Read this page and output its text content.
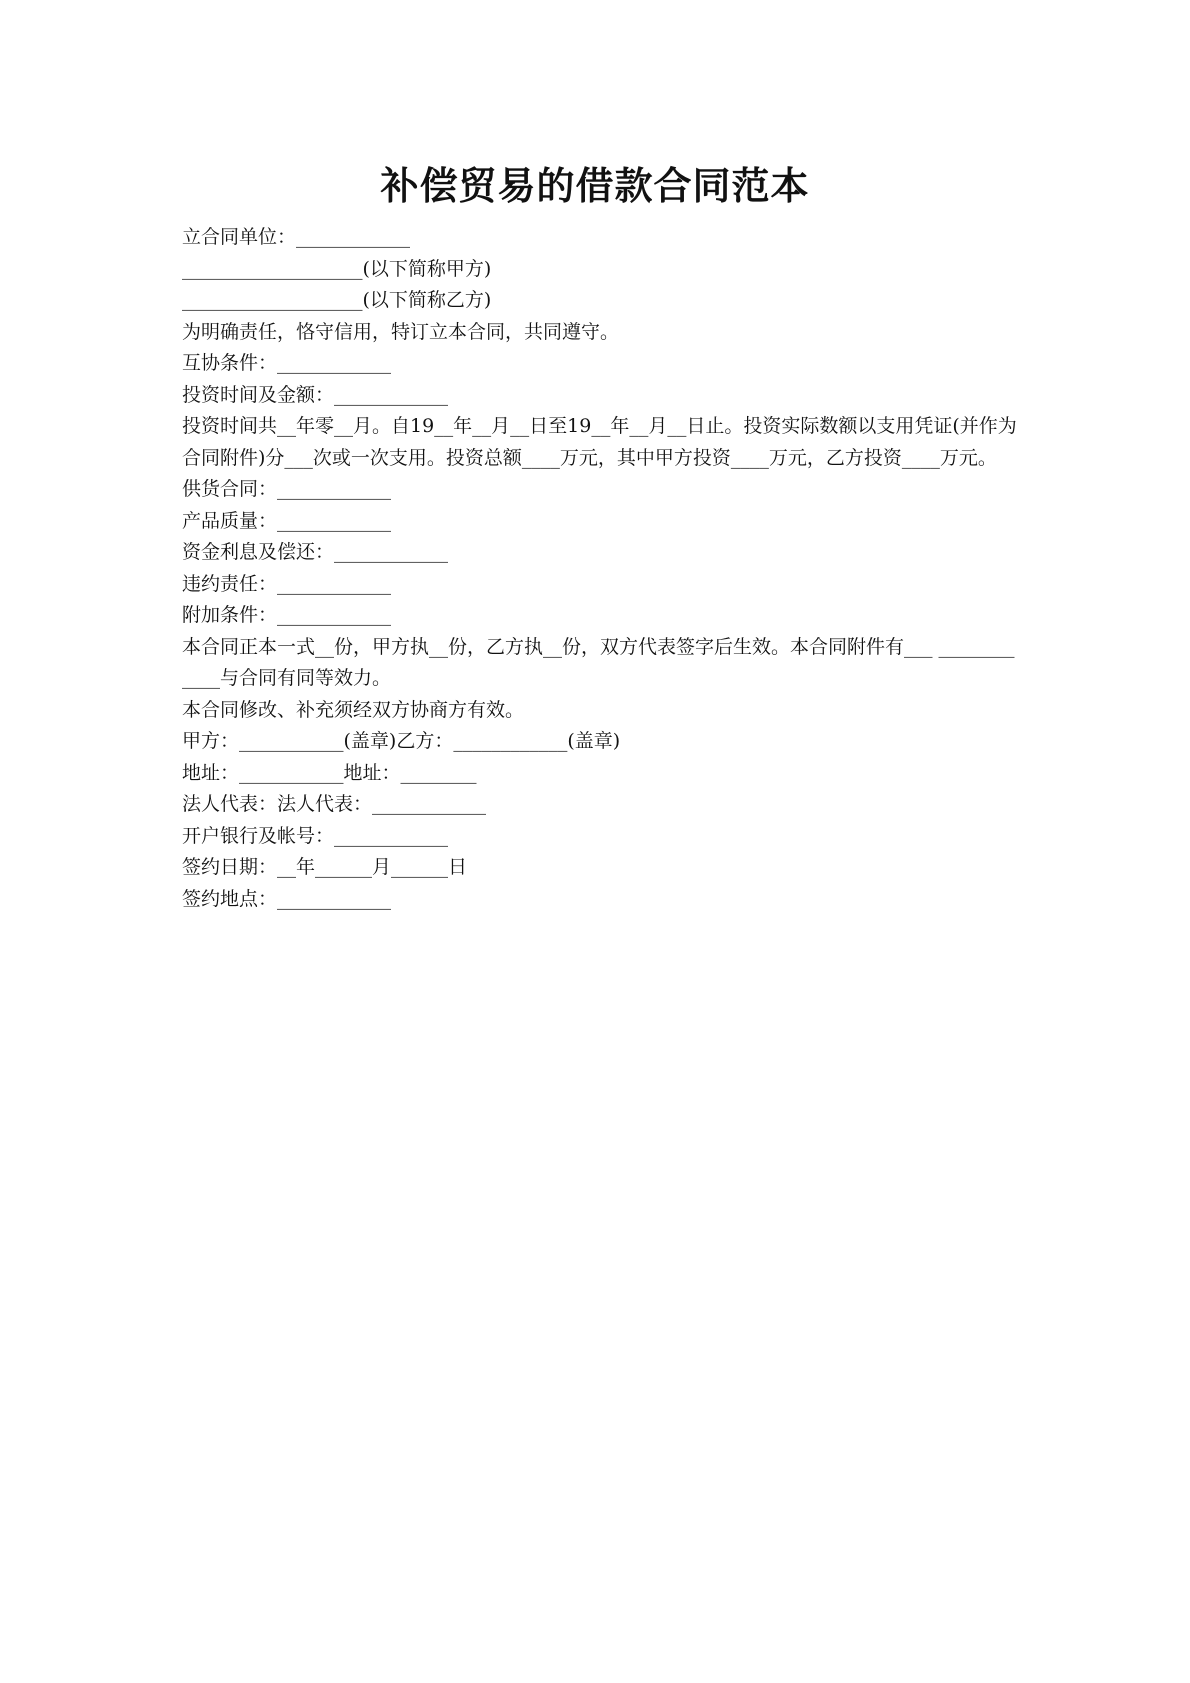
补偿贸易的借款合同范本

立合同单位：____________

___________________(以下简称甲方)

___________________(以下简称乙方)

为明确责任，恪守信用，特订立本合同，共同遵守。

互协条件：____________

投资时间及金额：____________

投资时间共__年零__月。自19__年__月__日至19__年__月__日止。投资实际数额以支用凭证(并作为合同附件)分___次或一次支用。投资总额____万元，其中甲方投资____万元，乙方投资____万元。

供货合同：____________

产品质量：____________

资金利息及偿还：____________

违约责任：____________

附加条件：____________

本合同正本一式__份，甲方执__份，乙方执__份，双方代表签字后生效。本合同附件有___ ____________与合同有同等效力。

本合同修改、补充须经双方协商方有效。

甲方：___________(盖章)乙方：____________(盖章)

地址：___________地址：________

法人代表：法人代表：____________

开户银行及帐号：____________

签约日期：__年______月______日

签约地点：____________
